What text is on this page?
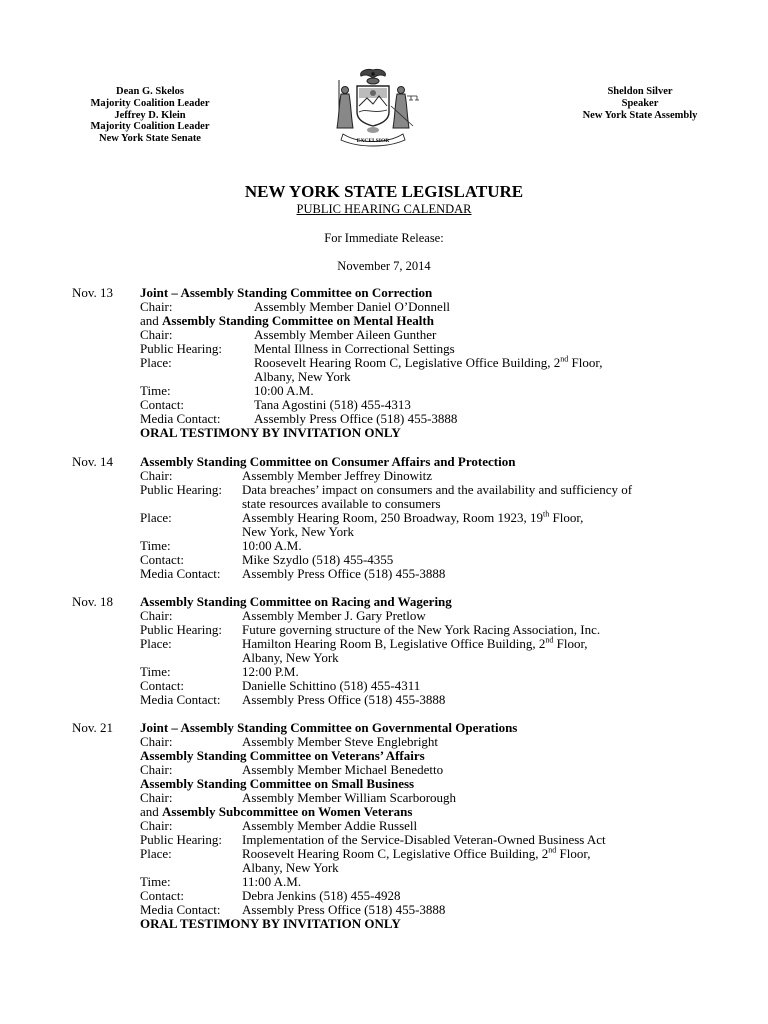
Dean G. Skelos
Majority Coalition Leader
Jeffrey D. Klein
Majority Coalition Leader
New York State Senate	EXCELSIOR
Sheldon Silver
Speaker
New York State Assembly
NEW YORK STATE LEGISLATURE
PUBLIC HEARING CALENDAR
For Immediate Release:
November 7, 2014
Nov. 13 Joint – Assembly Standing Committee on Correction
Chair:	Assembly Member Daniel O’Donnell
and Assembly Standing Committee on Mental Health
Chair:	Assembly Member Aileen Gunther
Public Hearing:	Mental Illness in Correctional Settings
Place:	Roosevelt Hearing Room C, Legislative Office Building, 2nd Floor,
Albany, New York
Time:	10:00 A.M.
Contact:	Tana Agostini (518) 455-4313
Media Contact:	Assembly Press Office (518) 455-3888
ORAL TESTIMONY BY INVITATION ONLY
Nov. 14 Assembly Standing Committee on Consumer Affairs and Protection
Chair:	Assembly Member Jeffrey Dinowitz
Public Hearing:	Data breaches’ impact on consumers and the availability and sufficiency of
state resources available to consumers
Place:	Assembly Hearing Room, 250 Broadway, Room 1923, 19th Floor,
New York, New York
Time:	10:00 A.M.
Contact:	Mike Szydlo (518) 455-4355
Media Contact:	Assembly Press Office (518) 455-3888
Nov. 18 Assembly Standing Committee on Racing and Wagering
Chair:	Assembly Member J. Gary Pretlow
Public Hearing:	Future governing structure of the New York Racing Association, Inc.
Place:	Hamilton Hearing Room B, Legislative Office Building, 2nd Floor,
Albany, New York
Time:	12:00 P.M.
Contact:	Danielle Schittino (518) 455-4311
Media Contact:	Assembly Press Office (518) 455-3888
Nov. 21 Joint – Assembly Standing Committee on Governmental Operations
Chair:	Assembly Member Steve Englebright
Assembly Standing Committee on Veterans’ Affairs
Chair:	Assembly Member Michael Benedetto
Assembly Standing Committee on Small Business
Chair:	Assembly Member William Scarborough
and Assembly Subcommittee on Women Veterans
Chair:	Assembly Member Addie Russell
Public Hearing:	Implementation of the Service-Disabled Veteran-Owned Business Act
Place:	Roosevelt Hearing Room C, Legislative Office Building, 2nd Floor,
Albany, New York
Time:	11:00 A.M.
Contact:	Debra Jenkins (518) 455-4928
Media Contact:	Assembly Press Office (518) 455-3888
ORAL TESTIMONY BY INVITATION ONLY
